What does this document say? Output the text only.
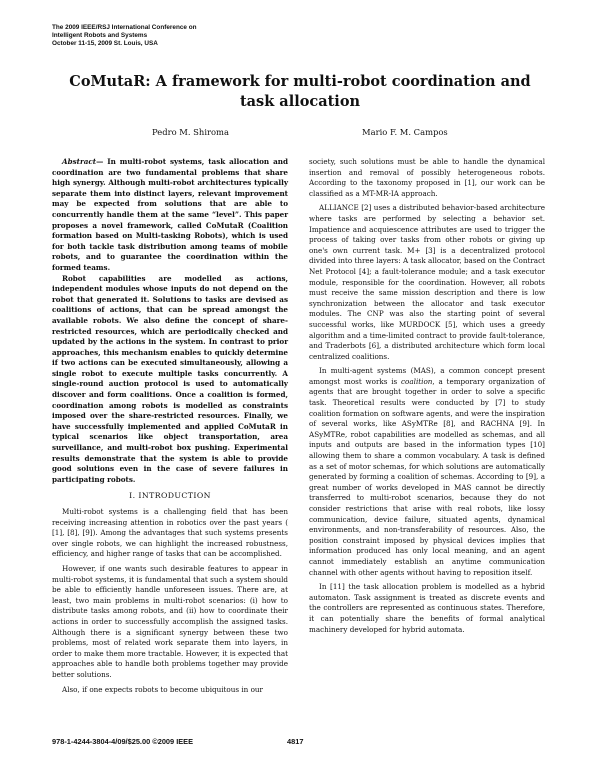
The 2009 IEEE/RSJ International Conference on
Intelligent Robots and Systems
October 11-15, 2009 St. Louis, USA
CoMutaR: A framework for multi-robot coordination and task allocation
Pedro M. Shiroma	Mario F. M. Campos

Abstract— In multi-robot systems, task allocation and coordination are two fundamental problems that share high synergy. Although multi-robot architectures typically separate them into distinct layers, relevant improvement may be expected from solutions that are able to concurrently handle them at the same “level”. This paper proposes a novel framework, called CoMutaR (Coalition formation based on Multi-tasking Robots), which is used for both tackle task distribution among teams of mobile robots, and to guarantee the coordination within the formed teams.

Robot capabilities are modelled as actions, independent modules whose inputs do not depend on the robot that generated it. Solutions to tasks are devised as coalitions of actions, that can be spread amongst the available robots. We also define the concept of share-restricted resources, which are periodically checked and updated by the actions in the system. In contrast to prior approaches, this mechanism enables to quickly determine if two actions can be executed simultaneously, allowing a single robot to execute multiple tasks concurrently. A single-round auction protocol is used to automatically discover and form coalitions. Once a coalition is formed, coordination among robots is modelled as constraints imposed over the share-restricted resources. Finally, we have successfully implemented and applied CoMutaR in typical scenarios like object transportation, area surveillance, and multi-robot box pushing. Experimental results demonstrate that the system is able to provide good solutions even in the case of severe failures in participating robots.

I. INTRODUCTION

Multi-robot systems is a challenging field that has been receiving increasing attention in robotics over the past years ( [1], [8], [9]). Among the advantages that such systems presents over single robots, we can highlight the increased robustness, efficiency, and higher range of tasks that can be accomplished.

However, if one wants such desirable features to appear in multi-robot systems, it is fundamental that such a system should be able to efficiently handle unforeseen issues. There are, at least, two main problems in multi-robot scenarios: (i) how to distribute tasks among robots, and (ii) how to coordinate their actions in order to successfully accomplish the assigned tasks. Although there is a significant synergy between these two problems, most of related work separate them into layers, in order to make them more tractable. However, it is expected that approaches able to handle both problems together may provide better solutions.

Also, if one expects robots to become ubiquitous in our

society, such solutions must be able to handle the dynamical insertion and removal of possibly heterogeneous robots. According to the taxonomy proposed in [1], our work can be classified as a MT-MR-IA approach.

ALLIANCE [2] uses a distributed behavior-based architecture where tasks are performed by selecting a behavior set. Impatience and acquiescence attributes are used to trigger the process of taking over tasks from other robots or giving up one's own current task. M+ [3] is a decentralized protocol divided into three layers: A task allocator, based on the Contract Net Protocol [4]; a fault-tolerance module; and a task executor module, responsible for the coordination. However, all robots must receive the same mission description and there is low synchronization between the allocator and task executor modules. The CNP was also the starting point of several successful works, like MURDOCK [5], which uses a greedy algorithm and a time-limited contract to provide fault-tolerance, and Traderbots [6], a distributed architecture which form local centralized coalitions.

In multi-agent systems (MAS), a common concept present amongst most works is coalition, a temporary organization of agents that are brought together in order to solve a specific task. Theoretical results were conducted by [7] to study coalition formation on software agents, and were the inspiration of several works, like ASyMTRe [8], and RACHNA [9]. In ASyMTRe, robot capabilities are modelled as schemas, and all inputs and outputs are based in the information types [10] allowing them to share a common vocabulary. A task is defined as a set of motor schemas, for which solutions are automatically generated by forming a coalition of schemas. According to [9], a great number of works developed in MAS cannot be directly transferred to multi-robot scenarios, because they do not consider restrictions that arise with real robots, like lossy communication, device failure, situated agents, dynamical environments, and non-transferability of resources. Also, the position constraint imposed by physical devices implies that information produced has only local meaning, and an agent cannot immediately establish an anytime communication channel with other agents without having to reposition itself.

In [11] the task allocation problem is modelled as a hybrid automaton. Task assignment is treated as discrete events and the controllers are represented as continuous states. Therefore, it can potentially share the benefits of formal analytical machinery developed for hybrid automata.

978-1-4244-3804-4/09/$25.00 ©2009 IEEE	4817
